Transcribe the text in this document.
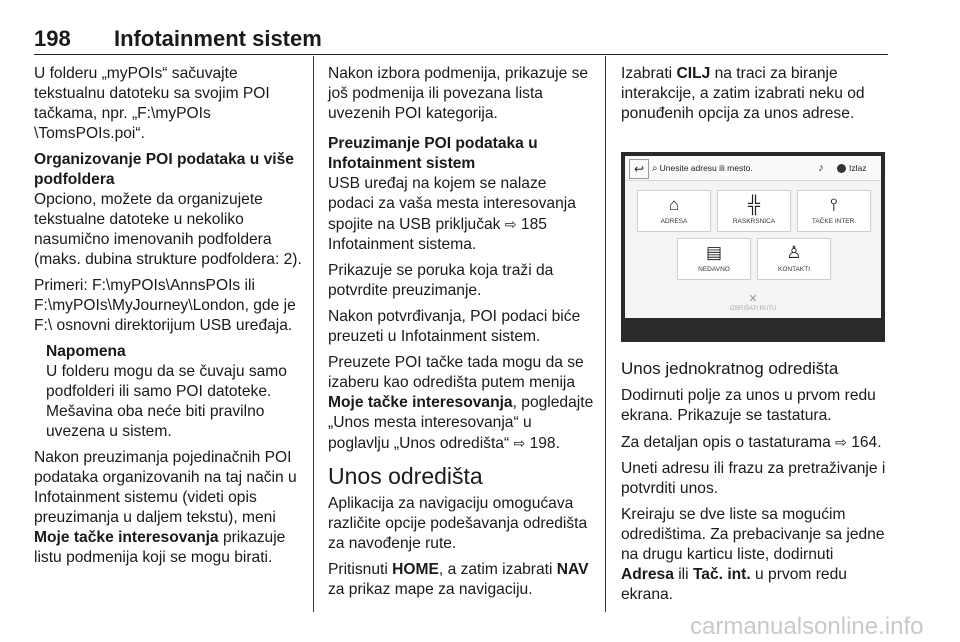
198 Infotainment sistem

U folderu „myPOIs“ sačuvajte tekstualnu datoteku sa svojim POI tačkama, npr. „F:\myPOIs \TomsPOIs.poi“.

Organizovanje POI podataka u više podfoldera

Opciono, možete da organizujete tekstualne datoteke u nekoliko nasumično imenovanih podfoldera (maks. dubina strukture podfoldera: 2).

Primeri: F:\myPOIs\AnnsPOIs ili F:\myPOIs\MyJourney\London, gde je F:\ osnovni direktorijum USB uređaja.

Napomena

U folderu mogu da se čuvaju samo podfolderi ili samo POI datoteke. Mešavina oba neće biti pravilno uvezena u sistem.

Nakon preuzimanja pojedinačnih POI podataka organizovanih na taj način u Infotainment sistemu (videti opis preuzimanja u daljem tekstu), meni Moje tačke interesovanja prikazuje listu podmenija koji se mogu birati.

Nakon izbora podmenija, prikazuje se još podmenija ili povezana lista uvezenih POI kategorija.

Preuzimanje POI podataka u Infotainment sistem

USB uređaj na kojem se nalaze podaci za vaša mesta interesovanja spojite na USB priključak ⇨ 185 Infotainment sistema.

Prikazuje se poruka koja traži da potvrdite preuzimanje.

Nakon potvrđivanja, POI podaci biće preuzeti u Infotainment sistem.

Preuzete POI tačke tada mogu da se izaberu kao odredišta putem menija Moje tačke interesovanja, pogledajte „Unos mesta interesovanja“ u poglavlju „Unos odredišta“ ⇨ 198.

Unos odredišta

Aplikacija za navigaciju omogućava različite opcije podešavanja odredišta za navođenje rute.

Pritisnuti HOME, a zatim izabrati NAV za prikaz mape za navigaciju.

Izabrati CILJ na traci za biranje interakcije, a zatim izabrati neku od ponuđenih opcija za unos adrese.

↩ ⌕ Unesite adresu ili mesto.	♪	Izlaz
⌂
ADRESA
╬
RASKRSNICA
⫯
TAČKE INTER.
▤
NEDAVNO
♙
KONTAKTI
✕
IZBRIŠATI RUTU

Unos jednokratnog odredišta

Dodirnuti polje za unos u prvom redu ekrana. Prikazuje se tastatura.

Za detaljan opis o tastaturama ⇨ 164.

Uneti adresu ili frazu za pretraživanje i potvrditi unos.

Kreiraju se dve liste sa mogućim odredištima. Za prebacivanje sa jedne na drugu karticu liste, dodirnuti Adresa ili Tač. int. u prvom redu ekrana.

carmanualsonline.info
